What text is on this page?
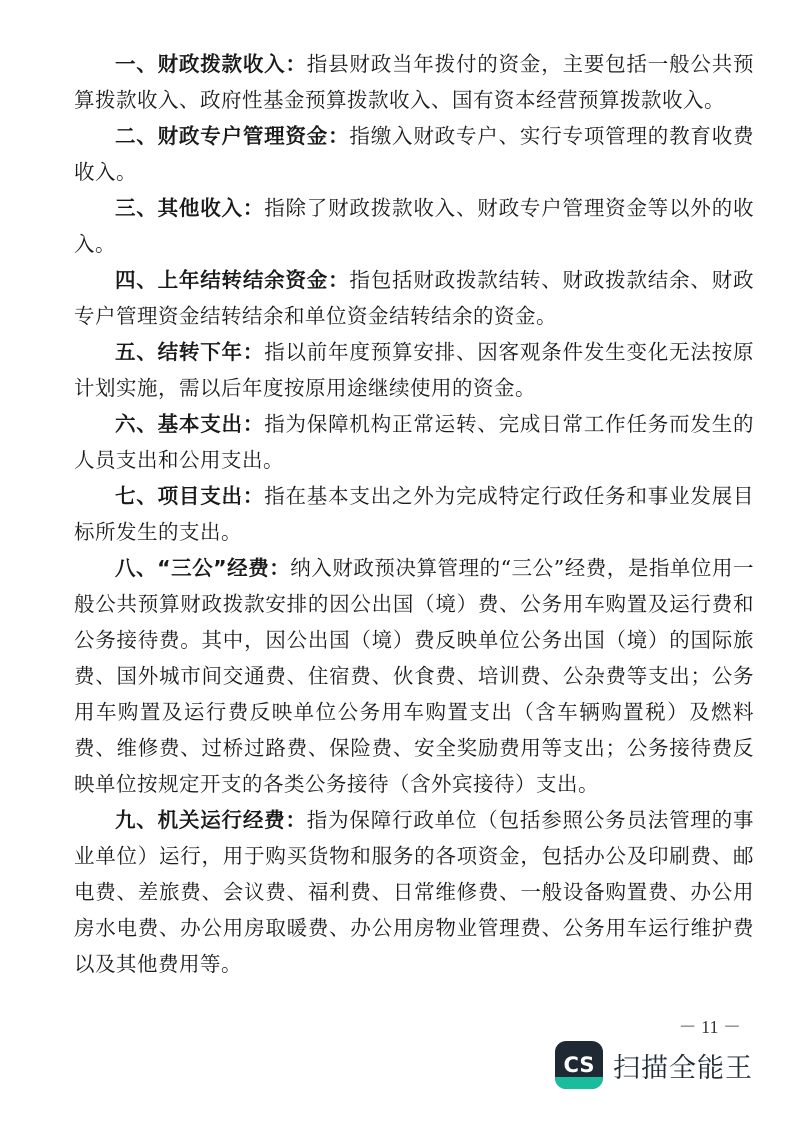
一、财政拨款收入：指县财政当年拨付的资金，主要包括一般公共预算拨款收入、政府性基金预算拨款收入、国有资本经营预算拨款收入。

二、财政专户管理资金：指缴入财政专户、实行专项管理的教育收费收入。

三、其他收入：指除了财政拨款收入、财政专户管理资金等以外的收入。

四、上年结转结余资金：指包括财政拨款结转、财政拨款结余、财政专户管理资金结转结余和单位资金结转结余的资金。

五、结转下年：指以前年度预算安排、因客观条件发生变化无法按原计划实施，需以后年度按原用途继续使用的资金。

六、基本支出：指为保障机构正常运转、完成日常工作任务而发生的人员支出和公用支出。

七、项目支出：指在基本支出之外为完成特定行政任务和事业发展目标所发生的支出。

八、“三公”经费：纳入财政预决算管理的“三公”经费，是指单位用一般公共预算财政拨款安排的因公出国（境）费、公务用车购置及运行费和公务接待费。其中，因公出国（境）费反映单位公务出国（境）的国际旅费、国外城市间交通费、住宿费、伙食费、培训费、公杂费等支出；公务用车购置及运行费反映单位公务用车购置支出（含车辆购置税）及燃料费、维修费、过桥过路费、保险费、安全奖励费用等支出；公务接待费反映单位按规定开支的各类公务接待（含外宾接待）支出。

九、机关运行经费：指为保障行政单位（包括参照公务员法管理的事业单位）运行，用于购买货物和服务的各项资金，包括办公及印刷费、邮电费、差旅费、会议费、福利费、日常维修费、一般设备购置费、办公用房水电费、办公用房取暖费、办公用房物业管理费、公务用车运行维护费以及其他费用等。

－ 11 －
CS 扫描全能王
